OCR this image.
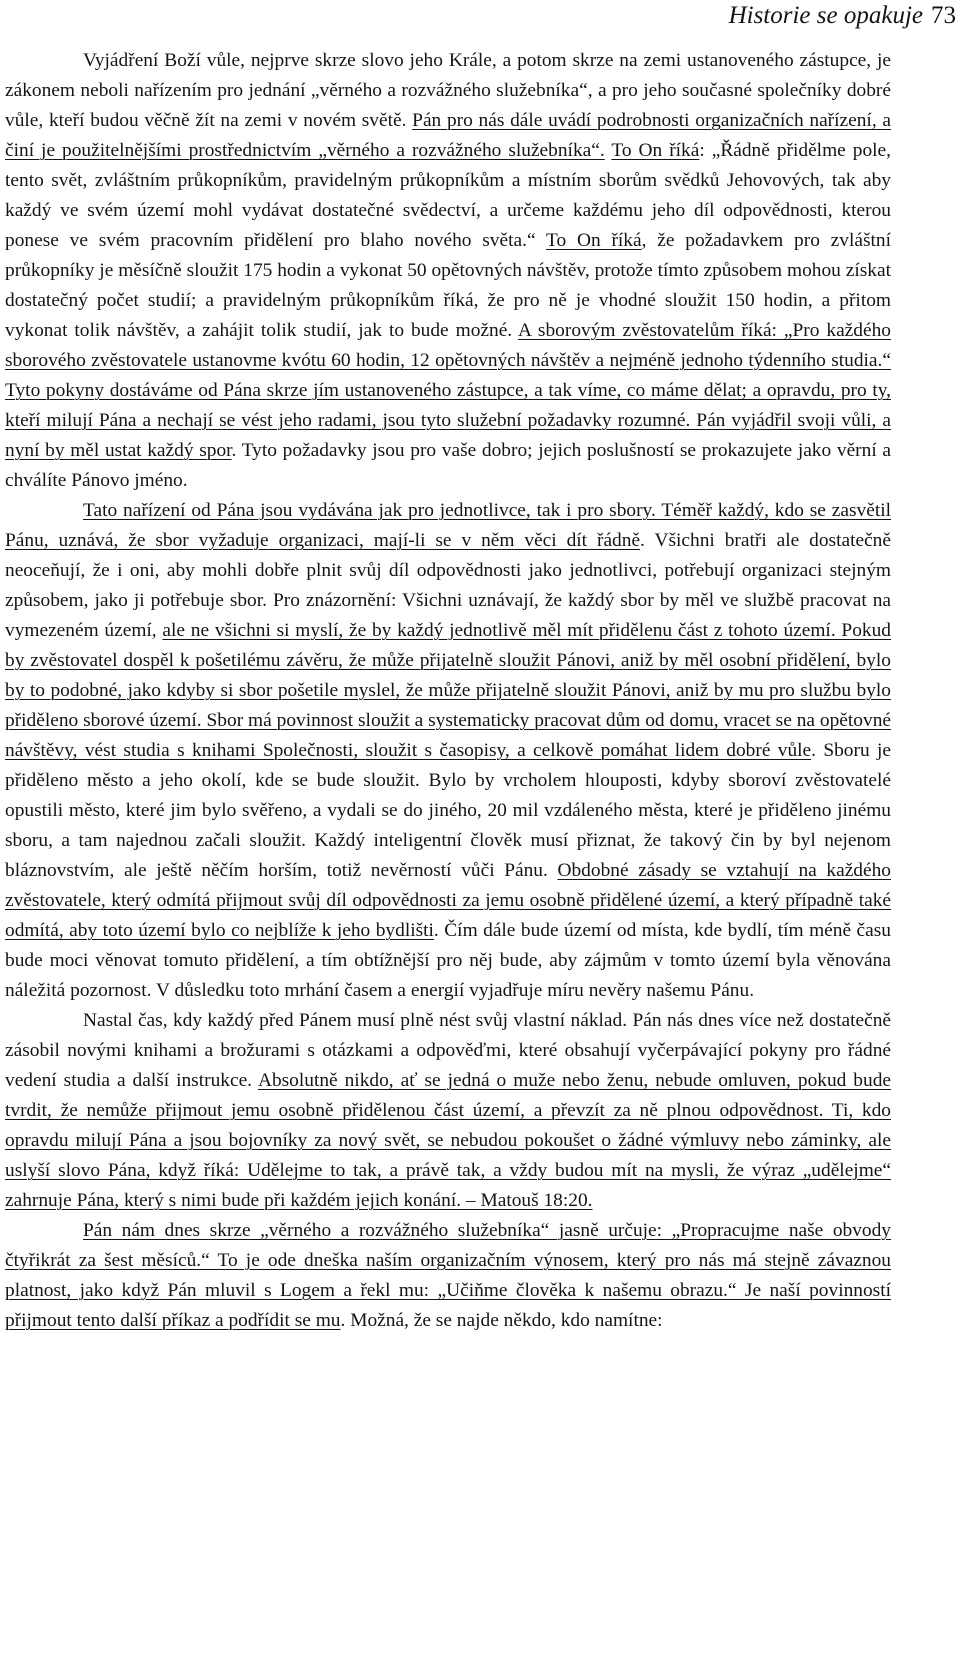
Historie se opakuje 73

Vyjádření Boží vůle, nejprve skrze slovo jeho Krále, a potom skrze na zemi ustanoveného zástupce, je zákonem neboli nařízením pro jednání „věrného a rozvážného služebníka“, a pro jeho současné společníky dobré vůle, kteří budou věčně žít na zemi v novém světě. Pán pro nás dále uvádí podrobnosti organizačních nařízení, a činí je použitelnějšími prostřednictvím „věrného a rozvážného služebníka“. To On říká: „Řádně přidělme pole, tento svět, zvláštním průkopníkům, pravidelným průkopníkům a místním sborům svědků Jehovových, tak aby každý ve svém území mohl vydávat dostatečné svědectví, a určeme každému jeho díl odpovědnosti, kterou ponese ve svém pracovním přidělení pro blaho nového světa.“ To On říká, že požadavkem pro zvláštní průkopníky je měsíčně sloužit 175 hodin a vykonat 50 opětovných návštěv, protože tímto způsobem mohou získat dostatečný počet studií; a pravidelným průkopníkům říká, že pro ně je vhodné sloužit 150 hodin, a přitom vykonat tolik návštěv, a zahájit tolik studií, jak to bude možné. A sborovým zvěstovatelům říká: „Pro každého sborového zvěstovatele ustanovme kvótu 60 hodin, 12 opětovných návštěv a nejméně jednoho týdenního studia.“ Tyto pokyny dostáváme od Pána skrze jím ustanoveného zástupce, a tak víme, co máme dělat; a opravdu, pro ty, kteří milují Pána a nechají se vést jeho radami, jsou tyto služební požadavky rozumné. Pán vyjádřil svoji vůli, a nyní by měl ustat každý spor. Tyto požadavky jsou pro vaše dobro; jejich poslušností se prokazujete jako věrní a chválíte Pánovo jméno.

Tato nařízení od Pána jsou vydávána jak pro jednotlivce, tak i pro sbory. Téměř každý, kdo se zasvětil Pánu, uznává, že sbor vyžaduje organizaci, mají-li se v něm věci dít řádně. Všichni bratři ale dostatečně neoceňují, že i oni, aby mohli dobře plnit svůj díl odpovědnosti jako jednotlivci, potřebují organizaci stejným způsobem, jako ji potřebuje sbor. Pro znázornění: Všichni uznávají, že každý sbor by měl ve službě pracovat na vymezeném území, ale ne všichni si myslí, že by každý jednotlivě měl mít přidělenu část z tohoto území. Pokud by zvěstovatel dospěl k pošetilému závěru, že může přijatelně sloužit Pánovi, aniž by měl osobní přidělení, bylo by to podobné, jako kdyby si sbor pošetile myslel, že může přijatelně sloužit Pánovi, aniž by mu pro službu bylo přiděleno sborové území. Sbor má povinnost sloužit a systematicky pracovat dům od domu, vracet se na opětovné návštěvy, vést studia s knihami Společnosti, sloužit s časopisy, a celkově pomáhat lidem dobré vůle. Sboru je přiděleno město a jeho okolí, kde se bude sloužit. Bylo by vrcholem hlouposti, kdyby sboroví zvěstovatelé opustili město, které jim bylo svěřeno, a vydali se do jiného, 20 mil vzdáleného města, které je přiděleno jinému sboru, a tam najednou začali sloužit. Každý inteligentní člověk musí přiznat, že takový čin by byl nejenom bláznovstvím, ale ještě něčím horším, totiž nevěrností vůči Pánu. Obdobné zásady se vztahují na každého zvěstovatele, který odmítá přijmout svůj díl odpovědnosti za jemu osobně přidělené území, a který případně také odmítá, aby toto území bylo co nejblíže k jeho bydlišti. Čím dále bude území od místa, kde bydlí, tím méně času bude moci věnovat tomuto přidělení, a tím obtížnější pro něj bude, aby zájmům v tomto území byla věnována náležitá pozornost. V důsledku toto mrhání časem a energií vyjadřuje míru nevěry našemu Pánu.

Nastal čas, kdy každý před Pánem musí plně nést svůj vlastní náklad. Pán nás dnes více než dostatečně zásobil novými knihami a brožurami s otázkami a odpověďmi, které obsahují vyčerpávající pokyny pro řádné vedení studia a další instrukce. Absolutně nikdo, ať se jedná o muže nebo ženu, nebude omluven, pokud bude tvrdit, že nemůže přijmout jemu osobně přidělenou část území, a převzít za ně plnou odpovědnost. Ti, kdo opravdu milují Pána a jsou bojovníky za nový svět, se nebudou pokoušet o žádné výmluvy nebo záminky, ale uslyší slovo Pána, když říká: Udělejme to tak, a právě tak, a vždy budou mít na mysli, že výraz „udělejme“ zahrnuje Pána, který s nimi bude při každém jejich konání. – Matouš 18:20.

Pán nám dnes skrze „věrného a rozvážného služebníka“ jasně určuje: „Propracujme naše obvody čtyřikrát za šest měsíců.“ To je ode dneška naším organizačním výnosem, který pro nás má stejně závaznou platnost, jako když Pán mluvil s Logem a řekl mu: „Učiňme člověka k našemu obrazu.“ Je naší povinností přijmout tento další příkaz a podřídit se mu. Možná, že se najde někdo, kdo namítne:
